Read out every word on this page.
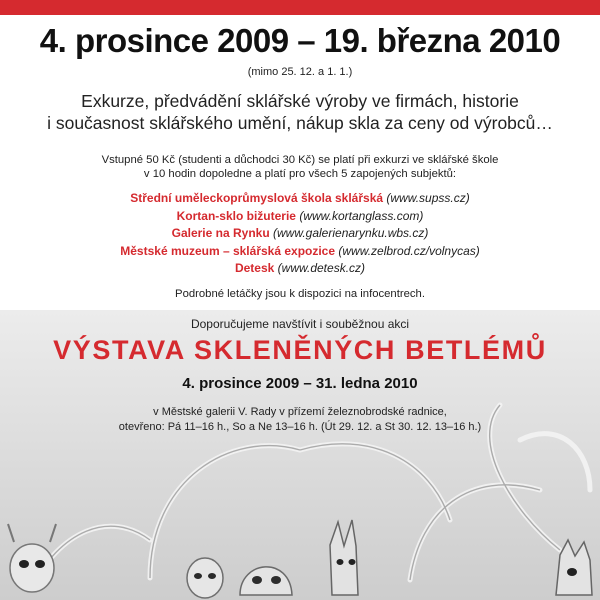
4. prosince 2009 – 19. března 2010
(mimo 25. 12. a 1. 1.)
Exkurze, předvádění sklářské výroby ve firmách, historie
i současnost sklářského umění, nákup skla za ceny od výrobců…
Vstupné 50 Kč (studenti a důchodci 30 Kč) se platí při exkurzi ve sklářské škole
v 10 hodin dopoledne a platí pro všech 5 zapojených subjektů:
Střední uměleckoprůmyslová škola sklářská (www.supss.cz)
Kortan-sklo bižuterie (www.kortanglass.com)
Galerie na Rynku (www.galerienarynku.wbs.cz)
Městské muzeum – sklářská expozice (www.zelbrod.cz/volnycas)
Detesk (www.detesk.cz)
Podrobné letáčky jsou k dispozici na infocentrech.
Doporučujeme navštívit i souběžnou akci
VÝSTAVA SKLENĚNÝCH BETLÉMŮ
4. prosince 2009 – 31. ledna 2010
v Městské galerii V. Rady v přízemí železnobrodské radnice,
otevřeno: Pá 11–16 h., So a Ne 13–16 h. (Út 29. 12. a St 30. 12. 13–16 h.)
